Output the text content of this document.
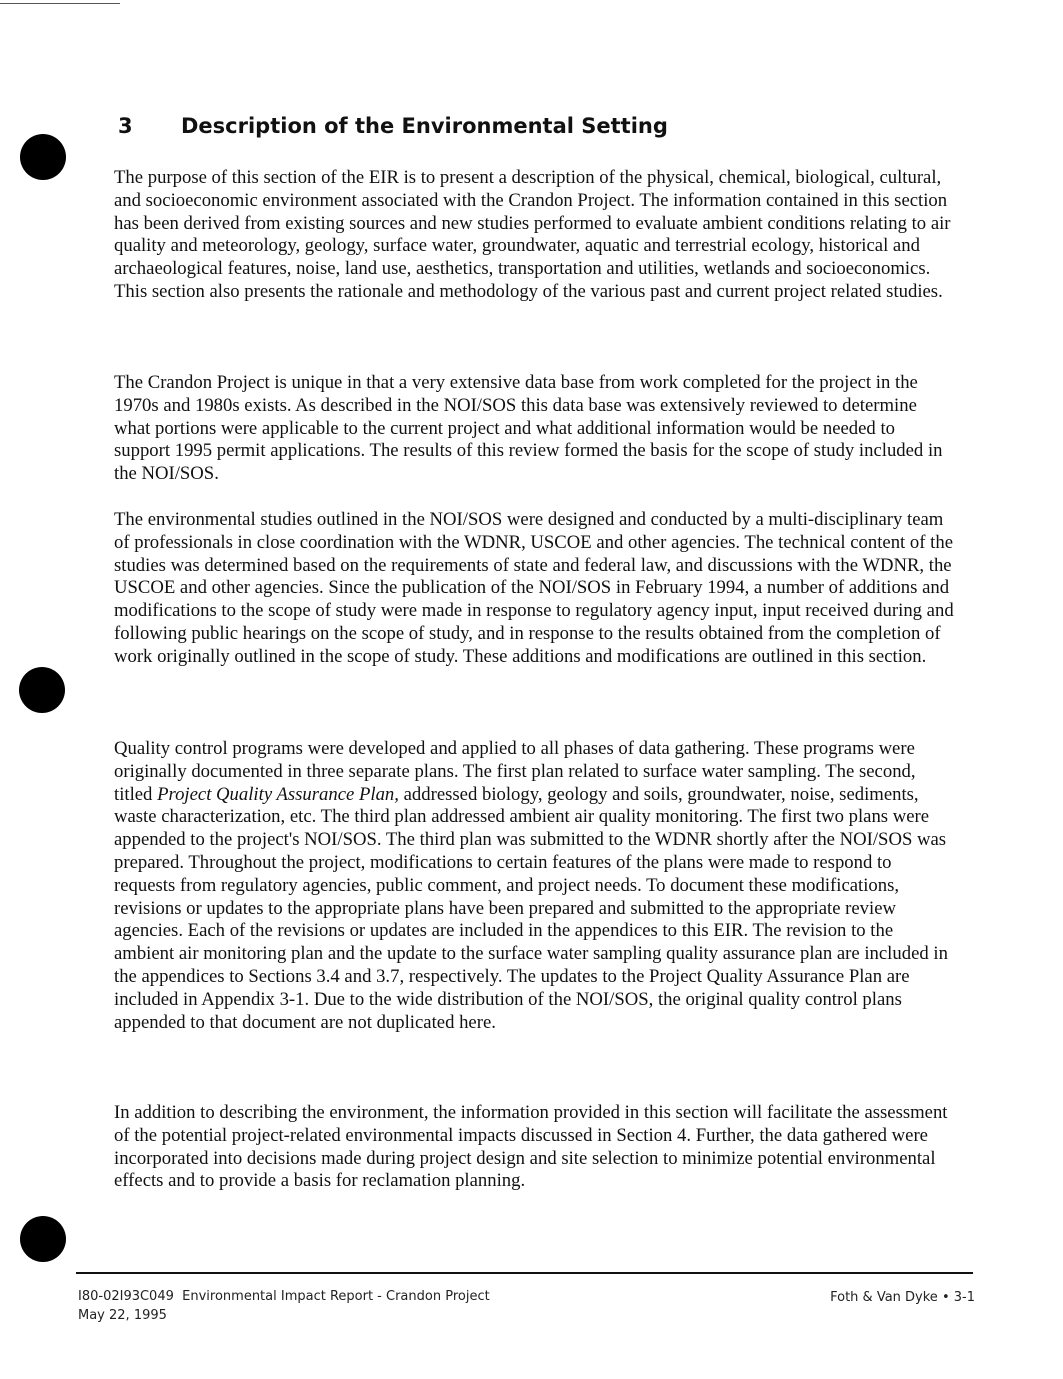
3 Description of the Environmental Setting

The purpose of this section of the EIR is to present a description of the physical, chemical, biological, cultural, and socioeconomic environment associated with the Crandon Project. The information contained in this section has been derived from existing sources and new studies performed to evaluate ambient conditions relating to air quality and meteorology, geology, surface water, groundwater, aquatic and terrestrial ecology, historical and archaeological features, noise, land use, aesthetics, transportation and utilities, wetlands and socioeconomics. This section also presents the rationale and methodology of the various past and current project related studies.

The Crandon Project is unique in that a very extensive data base from work completed for the project in the 1970s and 1980s exists. As described in the NOI/SOS this data base was extensively reviewed to determine what portions were applicable to the current project and what additional information would be needed to support 1995 permit applications. The results of this review formed the basis for the scope of study included in the NOI/SOS.

The environmental studies outlined in the NOI/SOS were designed and conducted by a multi-disciplinary team of professionals in close coordination with the WDNR, USCOE and other agencies. The technical content of the studies was determined based on the requirements of state and federal law, and discussions with the WDNR, the USCOE and other agencies. Since the publication of the NOI/SOS in February 1994, a number of additions and modifications to the scope of study were made in response to regulatory agency input, input received during and following public hearings on the scope of study, and in response to the results obtained from the completion of work originally outlined in the scope of study. These additions and modifications are outlined in this section.

Quality control programs were developed and applied to all phases of data gathering. These programs were originally documented in three separate plans. The first plan related to surface water sampling. The second, titled Project Quality Assurance Plan, addressed biology, geology and soils, groundwater, noise, sediments, waste characterization, etc. The third plan addressed ambient air quality monitoring. The first two plans were appended to the project's NOI/SOS. The third plan was submitted to the WDNR shortly after the NOI/SOS was prepared. Throughout the project, modifications to certain features of the plans were made to respond to requests from regulatory agencies, public comment, and project needs. To document these modifications, revisions or updates to the appropriate plans have been prepared and submitted to the appropriate review agencies. Each of the revisions or updates are included in the appendices to this EIR. The revision to the ambient air monitoring plan and the update to the surface water sampling quality assurance plan are included in the appendices to Sections 3.4 and 3.7, respectively. The updates to the Project Quality Assurance Plan are included in Appendix 3-1. Due to the wide distribution of the NOI/SOS, the original quality control plans appended to that document are not duplicated here.

In addition to describing the environment, the information provided in this section will facilitate the assessment of the potential project-related environmental impacts discussed in Section 4. Further, the data gathered were incorporated into decisions made during project design and site selection to minimize potential environmental effects and to provide a basis for reclamation planning.

I80-02I93C049 Environmental Impact Report - Crandon Project
May 22, 1995
Foth & Van Dyke • 3-1
